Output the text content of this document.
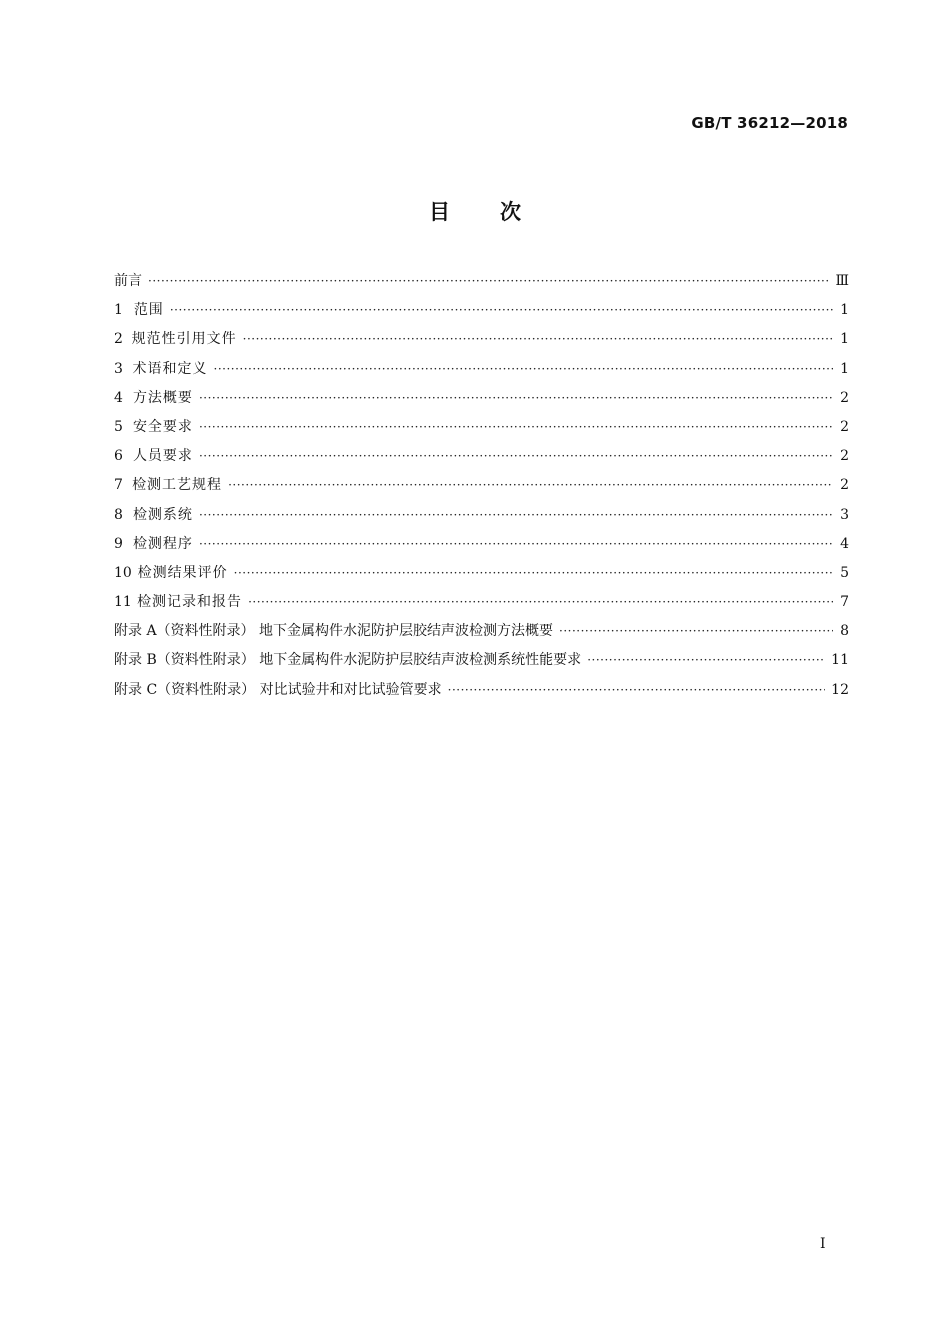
GB/T 36212—2018
目次
前言 ·····	Ⅲ
1 范围 ·····	1
2 规范性引用文件 ·····	1
3 术语和定义 ·····	1
4 方法概要 ·····	2
5 安全要求 ·····	2
6 人员要求 ·····	2
7 检测工艺规程 ·····	2
8 检测系统 ·····	3
9 检测程序 ·····	4
10 检测结果评价 ·····	5
11 检测记录和报告 ·····	7
附录 A（资料性附录） 地下金属构件水泥防护层胶结声波检测方法概要 ·····	8
附录 B（资料性附录） 地下金属构件水泥防护层胶结声波检测系统性能要求 ·····	11
附录 C（资料性附录） 对比试验井和对比试验管要求 ·····	12
I
